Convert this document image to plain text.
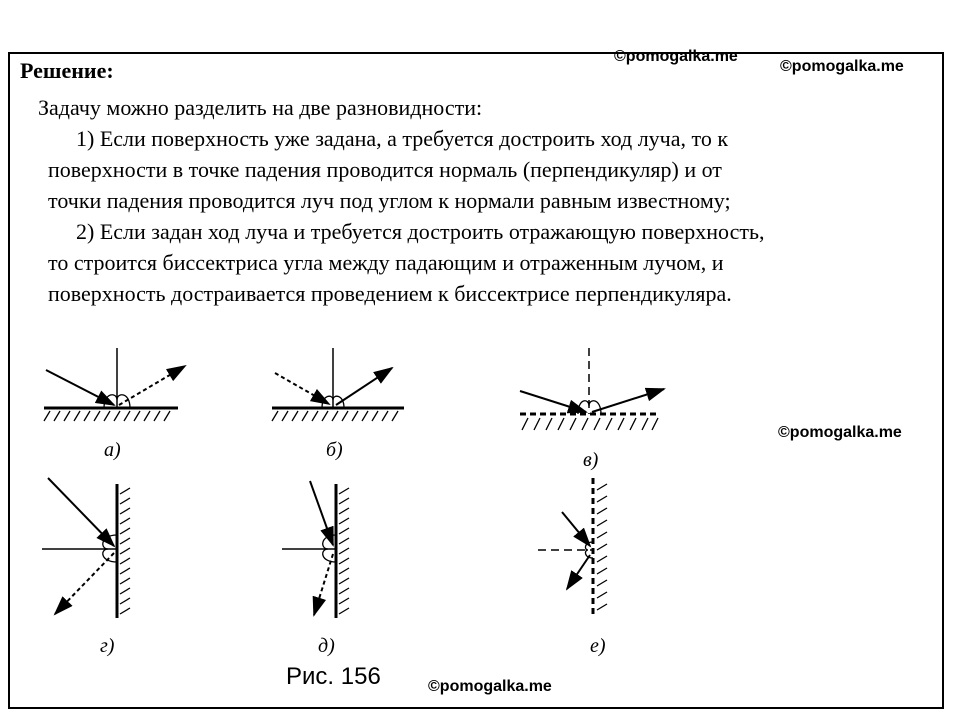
Решение:
©pomogalka.me
©pomogalka.me
©pomogalka.me
©pomogalka.me

Задачу можно разделить на две разновидности:

1) Если поверхность уже задана, а требуется достроить ход луча, то к

поверхности в точке падения проводится нормаль (перпендикуляр) и от

точки падения проводится луч под углом к нормали равным известному;

2) Если задан ход луча и требуется достроить отражающую поверхность,

то строится биссектриса угла между падающим и отраженным лучом, и

поверхность достраивается проведением к биссектрисе перпендикуляра.

а)	б)	в)
г)	д)	е)
Рис. 156
